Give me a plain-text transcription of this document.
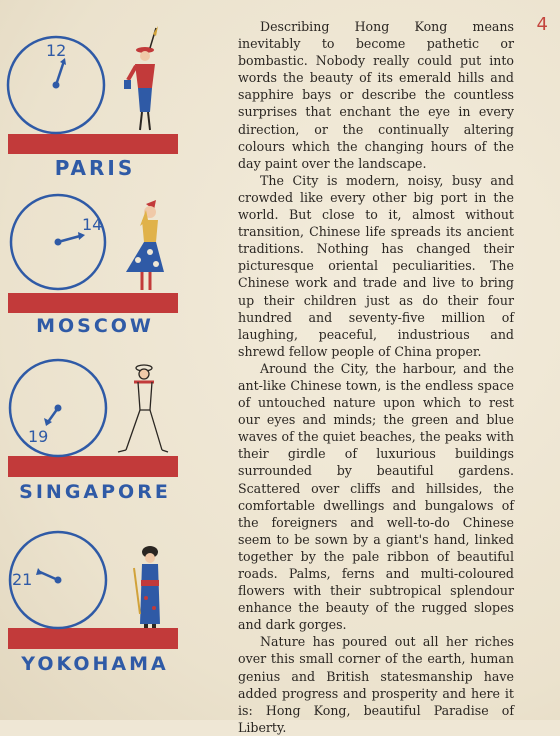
4
12
PARIS
14
MOSCOW
19
SINGAPORE
21
YOKOHAMA

Describing Hong Kong means inevitably to become pathetic or bombastic. Nobody really could put into words the beauty of its emerald hills and sapphire bays or describe the countless surprises that enchant the eye in every direction, or the continually altering colours which the changing hours of the day paint over the landscape.

The City is modern, noisy, busy and crowded like every other big port in the world. But close to it, almost without transition, Chinese life spreads its ancient traditions. Nothing has changed their picturesque oriental peculiarities. The Chinese work and trade and live to bring up their children just as do their four hundred and seventy-five million of laughing, peaceful, industrious and shrewd fellow people of China proper.

Around the City, the harbour, and the ant-like Chinese town, is the endless space of untouched nature upon which to rest our eyes and minds; the green and blue waves of the quiet beaches, the peaks with their girdle of luxurious buildings surrounded by beautiful gardens. Scattered over cliffs and hillsides, the comfortable dwellings and bungalows of the foreigners and well-to-do Chinese seem to be sown by a giant's hand, linked together by the pale ribbon of beautiful roads. Palms, ferns and multi-coloured flowers with their subtropical splendour enhance the beauty of the rugged slopes and dark gorges.

Nature has poured out all her riches over this small corner of the earth, human genius and British statesmanship have added progress and prosperity and here it is: Hong Kong, beautiful Paradise of Liberty.
